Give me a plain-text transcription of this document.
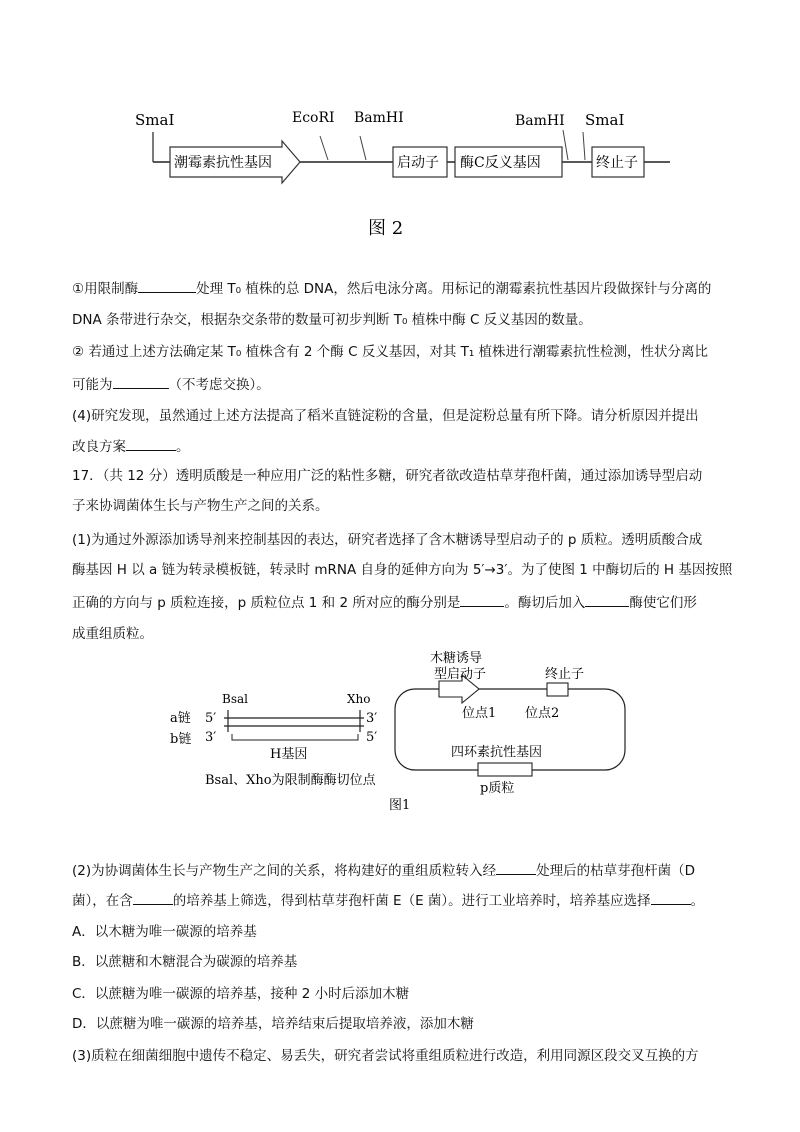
SmaI
潮霉素抗性基因
EcoRI BamHI
启动子 酶C反义基因
BamHI SmaI
终止子
图 2
①用限制酶	处理 T₀ 植株的总 DNA，然后电泳分离。用标记的潮霉素抗性基因片段做探针与分离的
DNA 条带进行杂交，根据杂交条带的数量可初步判断 T₀ 植株中酶 C 反义基因的数量。
② 若通过上述方法确定某 T₀ 植株含有 2 个酶 C 反义基因，对其 T₁ 植株进行潮霉素抗性检测，性状分离比
可能为	（不考虑交换）。
(4)研究发现，虽然通过上述方法提高了稻米直链淀粉的含量，但是淀粉总量有所下降。请分析原因并提出
改良方案	。
17．（共 12 分）透明质酸是一种应用广泛的粘性多糖，研究者欲改造枯草芽孢杆菌，通过添加诱导型启动
子来协调菌体生长与产物生产之间的关系。
(1)为通过外源添加诱导剂来控制基因的表达，研究者选择了含木糖诱导型启动子的 p 质粒。透明质酸合成
酶基因 H 以 a 链为转录模板链，转录时 mRNA 自身的延伸方向为 5′→3′。为了使图 1 中酶切后的 H 基因按照
正确的方向与 p 质粒连接，p 质粒位点 1 和 2 所对应的酶分别是	。酶切后加入	酶使它们形
成重组质粒。
a链
b链
5′
3′
3′
5′
Bsal	Xho
H基因
Bsal、Xho为限制酶酶切位点
木糖诱导
型启动子
位点1
终止子
位点2
四环素抗性基因
p质粒
图1
(2)为协调菌体生长与产物生产之间的关系，将构建好的重组质粒转入经	处理后的枯草芽孢杆菌（D
菌），在含	的培养基上筛选，得到枯草芽孢杆菌 E（E 菌）。进行工业培养时，培养基应选择	。
A．以木糖为唯一碳源的培养基
B．以蔗糖和木糖混合为碳源的培养基
C．以蔗糖为唯一碳源的培养基，接种 2 小时后添加木糖
D．以蔗糖为唯一碳源的培养基，培养结束后提取培养液，添加木糖
(3)质粒在细菌细胞中遗传不稳定、易丢失，研究者尝试将重组质粒进行改造，利用同源区段交叉互换的方
